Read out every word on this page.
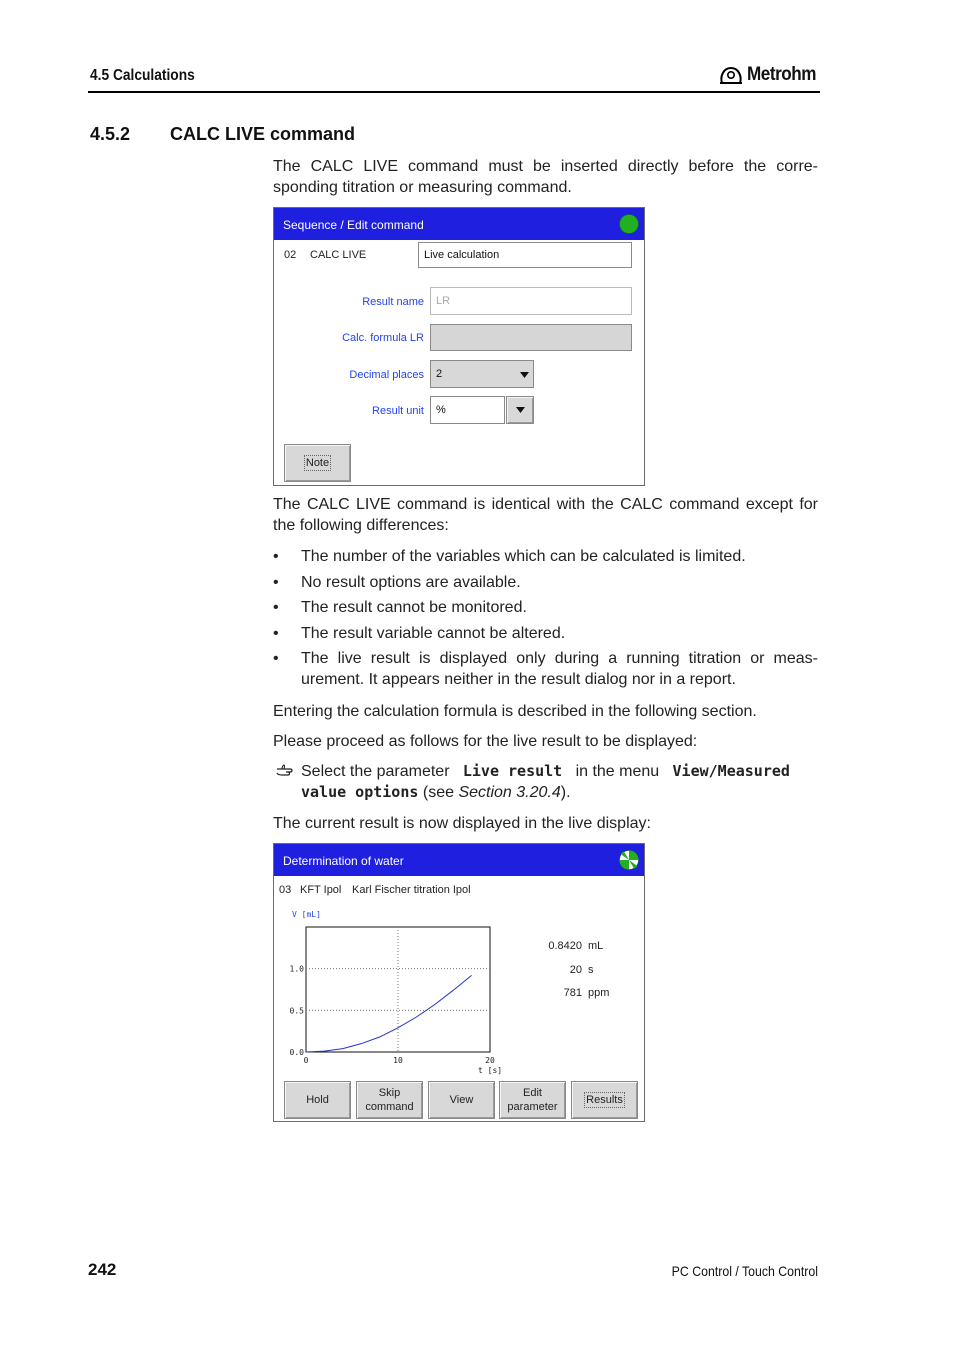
4.5 Calculations	Metrohm
4.5.2 CALC LIVE command
The CALC LIVE command must be inserted directly before the corre-sponding titration or measuring command.
Sequence / Edit command
02 CALC LIVE	Live calculation
Result name	LR
Calc. formula LR
Decimal places	2
Result unit	%
Note
The CALC LIVE command is identical with the CALC command except for the following differences:
• The number of the variables which can be calculated is limited.
• No result options are available.
• The result cannot be monitored.
• The result variable cannot be altered.
• The live result is displayed only during a running titration or meas-urement. It appears neither in the result dialog nor in a report.
Entering the calculation formula is described in the following section.
Please proceed as follows for the live result to be displayed:
Select the parameter Live result in the menu View/Measured value options (see Section 3.20.4).
The current result is now displayed in the live display:
Determination of water
03 KFT Ipol Karl Fischer titration Ipol
0	10	20
0.0
0.5
1.0
V [mL]
t [s]
0.8420 mL
20 s
781 ppm
Hold
Skip command
View
Edit parameter
Results
242	PC Control / Touch Control
